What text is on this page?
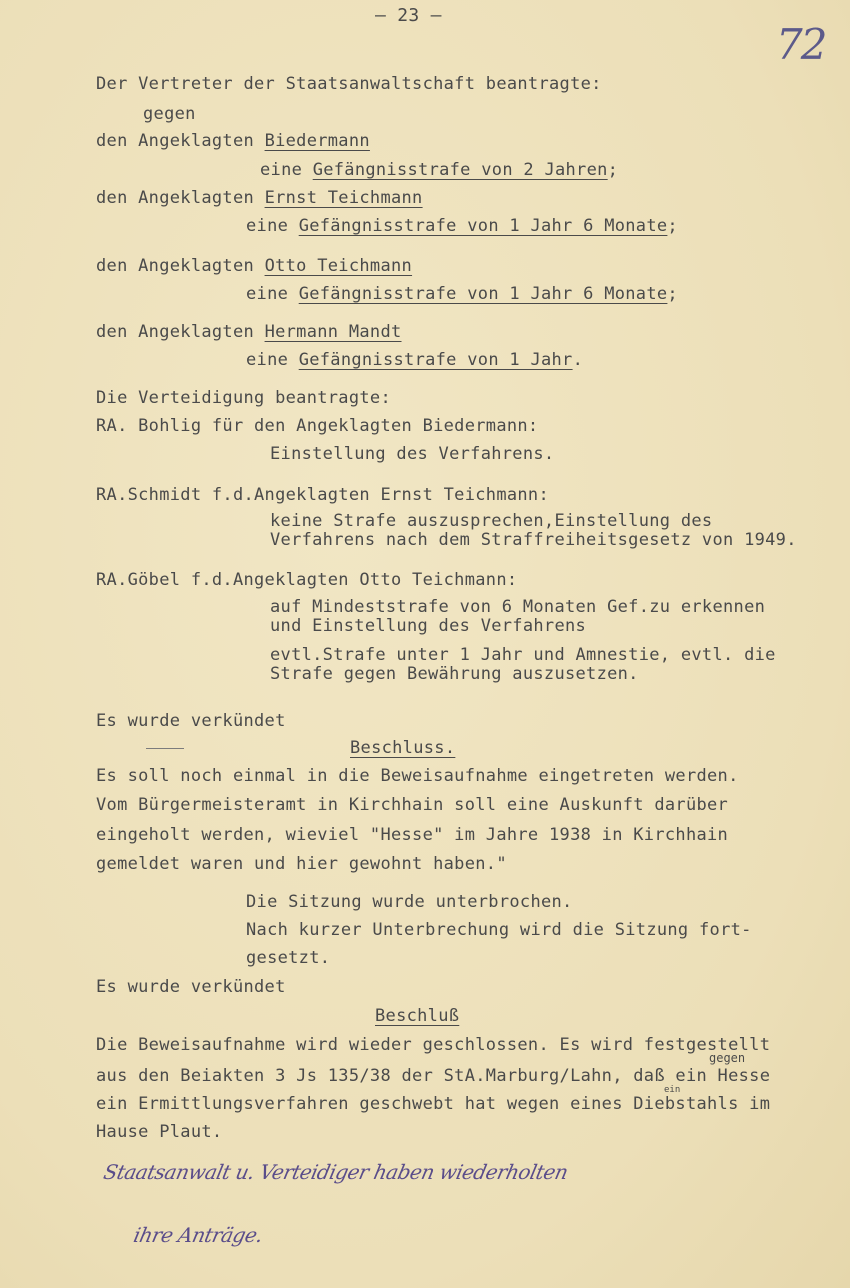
– 23 –
72
Der Vertreter der Staatsanwaltschaft beantragte:
gegen
den Angeklagten Biedermann
eine Gefängnisstrafe von 2 Jahren;
den Angeklagten Ernst Teichmann
eine Gefängnisstrafe von 1 Jahr 6 Monate;
den Angeklagten Otto Teichmann
eine Gefängnisstrafe von 1 Jahr 6 Monate;
den Angeklagten Hermann Mandt
eine Gefängnisstrafe von 1 Jahr.
Die Verteidigung beantragte:
RA. Bohlig für den Angeklagten Biedermann:
Einstellung des Verfahrens.
RA.Schmidt f.d.Angeklagten Ernst Teichmann:
keine Strafe auszusprechen,Einstellung des
Verfahrens nach dem Straffreiheitsgesetz von 1949.
RA.Göbel f.d.Angeklagten Otto Teichmann:
auf Mindeststrafe von 6 Monaten Gef.zu erkennen
und Einstellung des Verfahrens
evtl.Strafe unter 1 Jahr und Amnestie, evtl. die
Strafe gegen Bewährung auszusetzen.
Es wurde verkündet
Beschluss.
Es soll noch einmal in die Beweisaufnahme eingetreten werden.
Vom Bürgermeisteramt in Kirchhain soll eine Auskunft darüber
eingeholt werden, wieviel "Hesse" im Jahre 1938 in Kirchhain
gemeldet waren und hier gewohnt haben."
Die Sitzung wurde unterbrochen.
Nach kurzer Unterbrechung wird die Sitzung fort-
gesetzt.
Es wurde verkündet
Beschluß
Die Beweisaufnahme wird wieder geschlossen. Es wird festgestellt
gegen
aus den Beiakten 3 Js 135/38 der StA.Marburg/Lahn, daß ein Hesse
ein
ein Ermittlungsverfahren geschwebt hat wegen eines Diebstahls im
Hause Plaut.
Staatsanwalt u. Verteidiger haben wiederholten
ihre Anträge.
